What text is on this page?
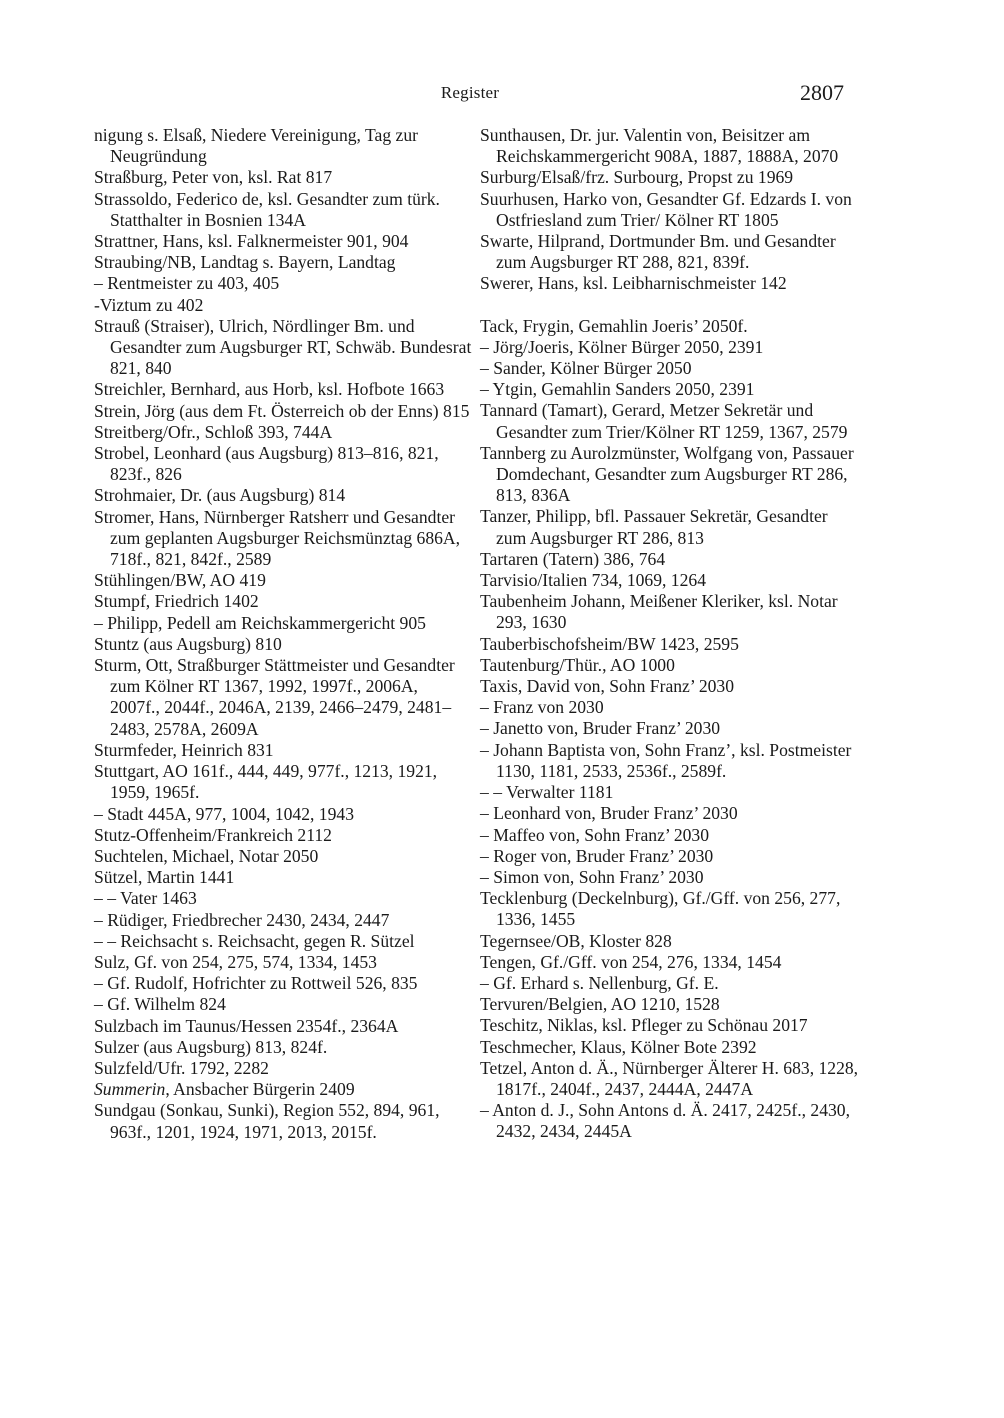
Register	2807

nigung s. Elsaß, Niedere Vereinigung, Tag zur Neugründung

Straßburg, Peter von, ksl. Rat 817

Strassoldo, Federico de, ksl. Gesandter zum türk. Statthalter in Bosnien 134A

Strattner, Hans, ksl. Falknermeister 901, 904

Straubing/NB, Landtag s. Bayern, Landtag

– Rentmeister zu 403, 405

-Viztum zu 402

Strauß (Straiser), Ulrich, Nördlinger Bm. und Gesandter zum Augsburger RT, Schwäb. Bundesrat 821, 840

Streichler, Bernhard, aus Horb, ksl. Hofbote 1663

Strein, Jörg (aus dem Ft. Österreich ob der Enns) 815

Streitberg/Ofr., Schloß 393, 744A

Strobel, Leonhard (aus Augsburg) 813–816, 821, 823f., 826

Strohmaier, Dr. (aus Augsburg) 814

Stromer, Hans, Nürnberger Ratsherr und Gesandter zum geplanten Augsburger Reichsmünztag 686A, 718f., 821, 842f., 2589

Stühlingen/BW, AO 419

Stumpf, Friedrich 1402

– Philipp, Pedell am Reichskammergericht 905

Stuntz (aus Augsburg) 810

Sturm, Ott, Straßburger Stättmeister und Gesandter zum Kölner RT 1367, 1992, 1997f., 2006A, 2007f., 2044f., 2046A, 2139, 2466–2479, 2481–2483, 2578A, 2609A

Sturmfeder, Heinrich 831

Stuttgart, AO 161f., 444, 449, 977f., 1213, 1921, 1959, 1965f.

– Stadt 445A, 977, 1004, 1042, 1943

Stutz-Offenheim/Frankreich 2112

Suchtelen, Michael, Notar 2050

Sützel, Martin 1441

– – Vater 1463

– Rüdiger, Friedbrecher 2430, 2434, 2447

– – Reichsacht s. Reichsacht, gegen R. Sützel

Sulz, Gf. von 254, 275, 574, 1334, 1453

– Gf. Rudolf, Hofrichter zu Rottweil 526, 835

– Gf. Wilhelm 824

Sulzbach im Taunus/Hessen 2354f., 2364A

Sulzer (aus Augsburg) 813, 824f.

Sulzfeld/Ufr. 1792, 2282

Summerin, Ansbacher Bürgerin 2409

Sundgau (Sonkau, Sunki), Region 552, 894, 961, 963f., 1201, 1924, 1971, 2013, 2015f.

Sunthausen, Dr. jur. Valentin von, Beisitzer am Reichskammergericht 908A, 1887, 1888A, 2070

Surburg/Elsaß/frz. Surbourg, Propst zu 1969

Suurhusen, Harko von, Gesandter Gf. Edzards I. von Ostfriesland zum Trier/ Kölner RT 1805

Swarte, Hilprand, Dortmunder Bm. und Gesandter zum Augsburger RT 288, 821, 839f.

Swerer, Hans, ksl. Leibharnischmeister 142

Tack, Frygin, Gemahlin Joeris’ 2050f.

– Jörg/Joeris, Kölner Bürger 2050, 2391

– Sander, Kölner Bürger 2050

– Ytgin, Gemahlin Sanders 2050, 2391

Tannard (Tamart), Gerard, Metzer Sekretär und Gesandter zum Trier/Kölner RT 1259, 1367, 2579

Tannberg zu Aurolzmünster, Wolfgang von, Passauer Domdechant, Gesandter zum Augsburger RT 286, 813, 836A

Tanzer, Philipp, bfl. Passauer Sekretär, Gesandter zum Augsburger RT 286, 813

Tartaren (Tatern) 386, 764

Tarvisio/Italien 734, 1069, 1264

Taubenheim Johann, Meißener Kleriker, ksl. Notar 293, 1630

Tauberbischofsheim/BW 1423, 2595

Tautenburg/Thür., AO 1000

Taxis, David von, Sohn Franz’ 2030

– Franz von 2030

– Janetto von, Bruder Franz’ 2030

– Johann Baptista von, Sohn Franz’, ksl. Postmeister 1130, 1181, 2533, 2536f., 2589f.

– – Verwalter 1181

– Leonhard von, Bruder Franz’ 2030

– Maffeo von, Sohn Franz’ 2030

– Roger von, Bruder Franz’ 2030

– Simon von, Sohn Franz’ 2030

Tecklenburg (Deckelnburg), Gf./Gff. von 256, 277, 1336, 1455

Tegernsee/OB, Kloster 828

Tengen, Gf./Gff. von 254, 276, 1334, 1454

– Gf. Erhard s. Nellenburg, Gf. E.

Tervuren/Belgien, AO 1210, 1528

Teschitz, Niklas, ksl. Pfleger zu Schönau 2017

Teschmecher, Klaus, Kölner Bote 2392

Tetzel, Anton d. Ä., Nürnberger Älterer H. 683, 1228, 1817f., 2404f., 2437, 2444A, 2447A

– Anton d. J., Sohn Antons d. Ä. 2417, 2425f., 2430, 2432, 2434, 2445A
